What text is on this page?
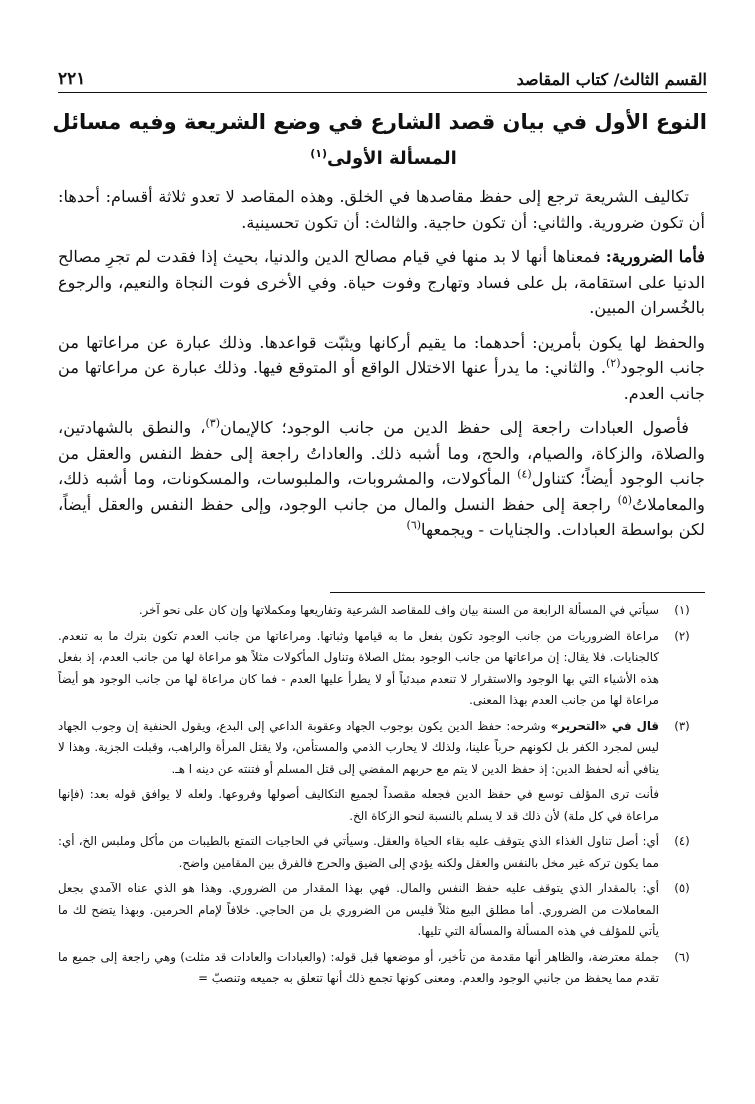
القسم الثالث/ كتاب المقاصد
٢٢١
النوع الأول في بيان قصد الشارع في وضع الشريعة وفيه مسائل
المسألة الأولى$^{(١)}$

تكاليف الشريعة ترجع إلى حفظ مقاصدها في الخلق. وهذه المقاصد لا تعدو ثلاثة أقسام: أحدها: أن تكون ضرورية. والثاني: أن تكون حاجية. والثالث: أن تكون تحسينية.

فأما الضرورية: فمعناها أنها لا بد منها في قيام مصالح الدين والدنيا، بحيث إذا فقدت لم تجرِ مصالح الدنيا على استقامة، بل على فساد وتهارج وفوت حياة. وفي الأخرى فوت النجاة والنعيم، والرجوع بالخُسران المبين.

والحفظ لها يكون بأمرين: أحدهما: ما يقيم أركانها ويثبّت قواعدها. وذلك عبارة عن مراعاتها من جانب الوجود$^{(٢)}$. والثاني: ما يدرأ عنها الاختلال الواقع أو المتوقع فيها. وذلك عبارة عن مراعاتها من جانب العدم.

فأصول العبادات راجعة إلى حفظ الدين من جانب الوجود؛ كالإيمان$^{(٣)}$، والنطق بالشهادتين، والصلاة، والزكاة، والصيام، والحج، وما أشبه ذلك. والعاداتُ راجعة إلى حفظ النفس والعقل من جانب الوجود أيضاً؛ كتناول$^{(٤)}$ المأكولات، والمشروبات، والملبوسات، والمسكونات، وما أشبه ذلك، والمعاملاتُ$^{(٥)}$ راجعة إلى حفظ النسل والمال من جانب الوجود، وإلى حفظ النفس والعقل أيضاً، لكن بواسطة العبادات. والجنايات - ويجمعها$^{(٦)}$

(١)

سيأتي في المسألة الرابعة من السنة بيان واف للمقاصد الشرعية وتفاريعها ومكملاتها وإن كان على نحو آخر.

(٢)

مراعاة الضروريات من جانب الوجود تكون بفعل ما به قيامها وثباتها. ومراعاتها من جانب العدم تكون بترك ما به تنعدم. كالجنايات. فلا يقال: إن مراعاتها من جانب الوجود بمثل الصلاة وتناول المأكولات مثلاً هو مراعاة لها من جانب العدم، إذ بفعل هذه الأشياء التي بها الوجود والاستقرار لا تنعدم مبدئياً أو لا يطرأ عليها العدم - فما كان مراعاة لها من جانب الوجود هو أيضاً مراعاة لها من جانب العدم بهذا المعنى.

(٣)

قال في «التحرير» وشرحه: حفظ الدين يكون بوجوب الجهاد وعقوبة الداعي إلى البدع، ويقول الحنفية إن وجوب الجهاد ليس لمجرد الكفر بل لكونهم حرباً علينا، ولذلك لا يحارب الذمي والمستأمن، ولا يقتل المرأة والراهب، وقبلت الجزية. وهذا لا ينافي أنه لحفظ الدين: إذ حفظ الدين لا يتم مع حربهم المفضي إلى قتل المسلم أو فتنته عن دينه ا هـ.

فأنت ترى المؤلف توسع في حفظ الدين فجعله مقصداً لجميع التكاليف أصولها وفروعها. ولعله لا يوافق قوله بعد: (فإنها مراعاة في كل ملة) لأن ذلك قد لا يسلم بالنسبة لنحو الزكاة الخ.

(٤)

أي: أصل تناول الغذاء الذي يتوقف عليه بقاء الحياة والعقل. وسيأتي في الحاجيات التمتع بالطيبات من مأكل وملبس الخ، أي: مما يكون تركه غير مخل بالنفس والعقل ولكنه يؤدي إلى الضيق والحرج فالفرق بين المقامين واضح.

(٥)

أي: بالمقدار الذي يتوقف عليه حفظ النفس والمال. فهي بهذا المقدار من الضروري. وهذا هو الذي عناه الآمدي بجعل المعاملات من الضروري. أما مطلق البيع مثلاً فليس من الضروري بل من الحاجي. خلافاً لإمام الحرمين. وبهذا يتضح لك ما يأتي للمؤلف في هذه المسألة والمسألة التي تليها.

(٦)

جملة معترضة، والظاهر أنها مقدمة من تأخير، أو موضعها قبل قوله: (والعبادات والعادات قد مثلت) وهي راجعة إلى جميع ما تقدم مما يحفظ من جانبي الوجود والعدم. ومعنى كونها تجمع ذلك أنها تتعلق به جميعه وتنصبّ =
